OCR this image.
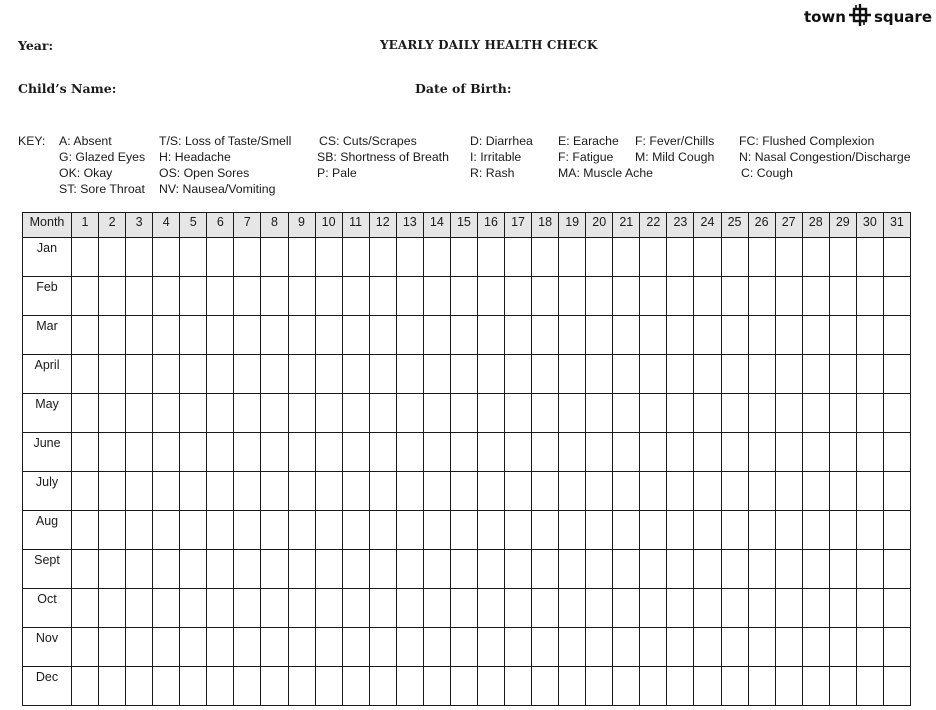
town square
Year:	YEARLY DAILY HEALTH CHECK
Child’s Name:	Date of Birth:
KEY: A: Absent
G: Glazed Eyes
OK: Okay
ST: Sore Throat
T/S: Loss of Taste/Smell
H: Headache
OS: Open Sores
NV: Nausea/Vomiting
CS: Cuts/Scrapes
SB: Shortness of Breath
P: Pale
D: Diarrhea
I: Irritable
R: Rash
E: Earache
F: Fatigue
MA: Muscle Ache
F: Fever/Chills
M: Mild Cough
FC: Flushed Complexion
N: Nasal Congestion/Discharge
C: Cough
Month	1	2	3	4	5	6	7	8	9	10	11	12	13	14	15	16	17	18	19	20	21	22	23	24	25	26	27	28	29	30	31
Jan																															
Feb																															
Mar																															
April																															
May																															
June																															
July																															
Aug																															
Sept																															
Oct																															
Nov																															
Dec																															
